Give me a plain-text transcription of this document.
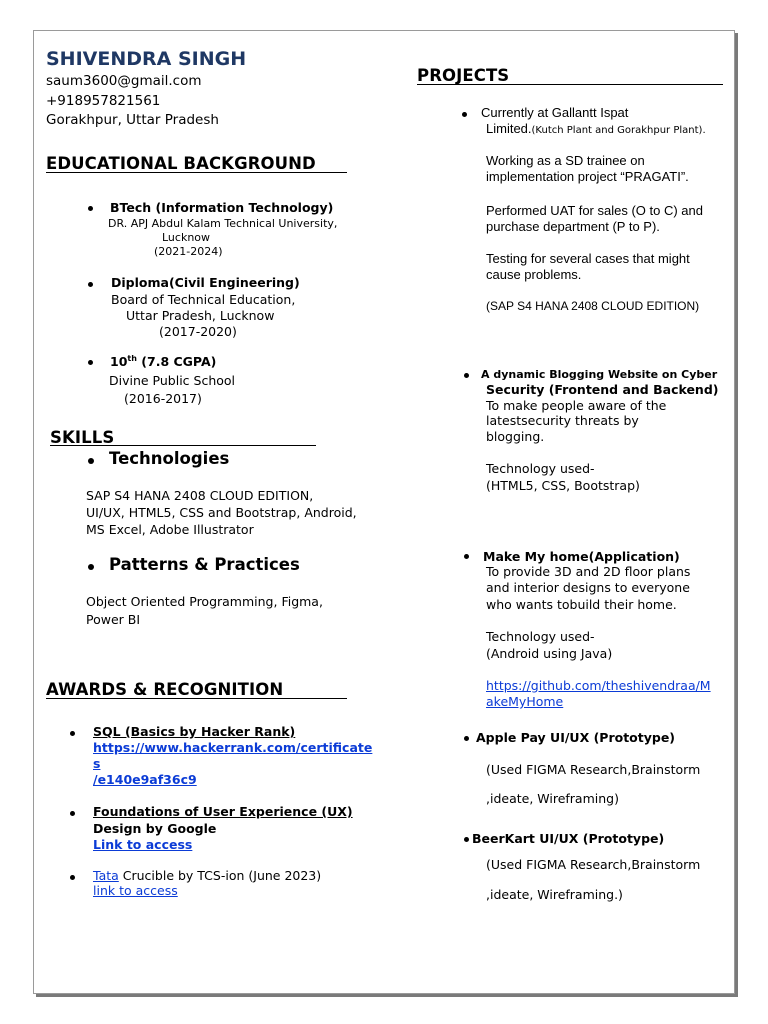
SHIVENDRA SINGH
saum3600@gmail.com
+918957821561
Gorakhpur, Uttar Pradesh
EDUCATIONAL BACKGROUND
BTech (Information Technology)
DR. APJ Abdul Kalam Technical University,
Lucknow
(2021-2024)
Diploma(Civil Engineering)
Board of Technical Education,
Uttar Pradesh, Lucknow
(2017-2020)
10th (7.8 CGPA)
Divine Public School
(2016-2017)
SKILLS
Technologies
SAP S4 HANA 2408 CLOUD EDITION,
UI/UX, HTML5, CSS and Bootstrap, Android,
MS Excel, Adobe Illustrator
Patterns & Practices
Object Oriented Programming, Figma,
Power BI
AWARDS & RECOGNITION
SQL (Basics by Hacker Rank)
https://www.hackerrank.com/certificate
s
/e140e9af36c9
Foundations of User Experience (UX)
Design by Google
Link to access
Tata Crucible by TCS-ion (June 2023)
link to access
PROJECTS
Currently at Gallantt Ispat
Limited.(Kutch Plant and Gorakhpur Plant).
Working as a SD trainee on
implementation project “PRAGATI”.
Performed UAT for sales (O to C) and
purchase department (P to P).
Testing for several cases that might
cause problems.
(SAP S4 HANA 2408 CLOUD EDITION)
A dynamic Blogging Website on Cyber
Security (Frontend and Backend)
To make people aware of the
latestsecurity threats by
blogging.
Technology used-
(HTML5, CSS, Bootstrap)
Make My home(Application)
To provide 3D and 2D floor plans
and interior designs to everyone
who wants tobuild their home.
Technology used-
(Android using Java)
https://github.com/theshivendraa/M
akeMyHome
Apple Pay UI/UX (Prototype)
(Used FIGMA Research,Brainstorm
,ideate, Wireframing)
BeerKart UI/UX (Prototype)
(Used FIGMA Research,Brainstorm
,ideate, Wireframing.)
